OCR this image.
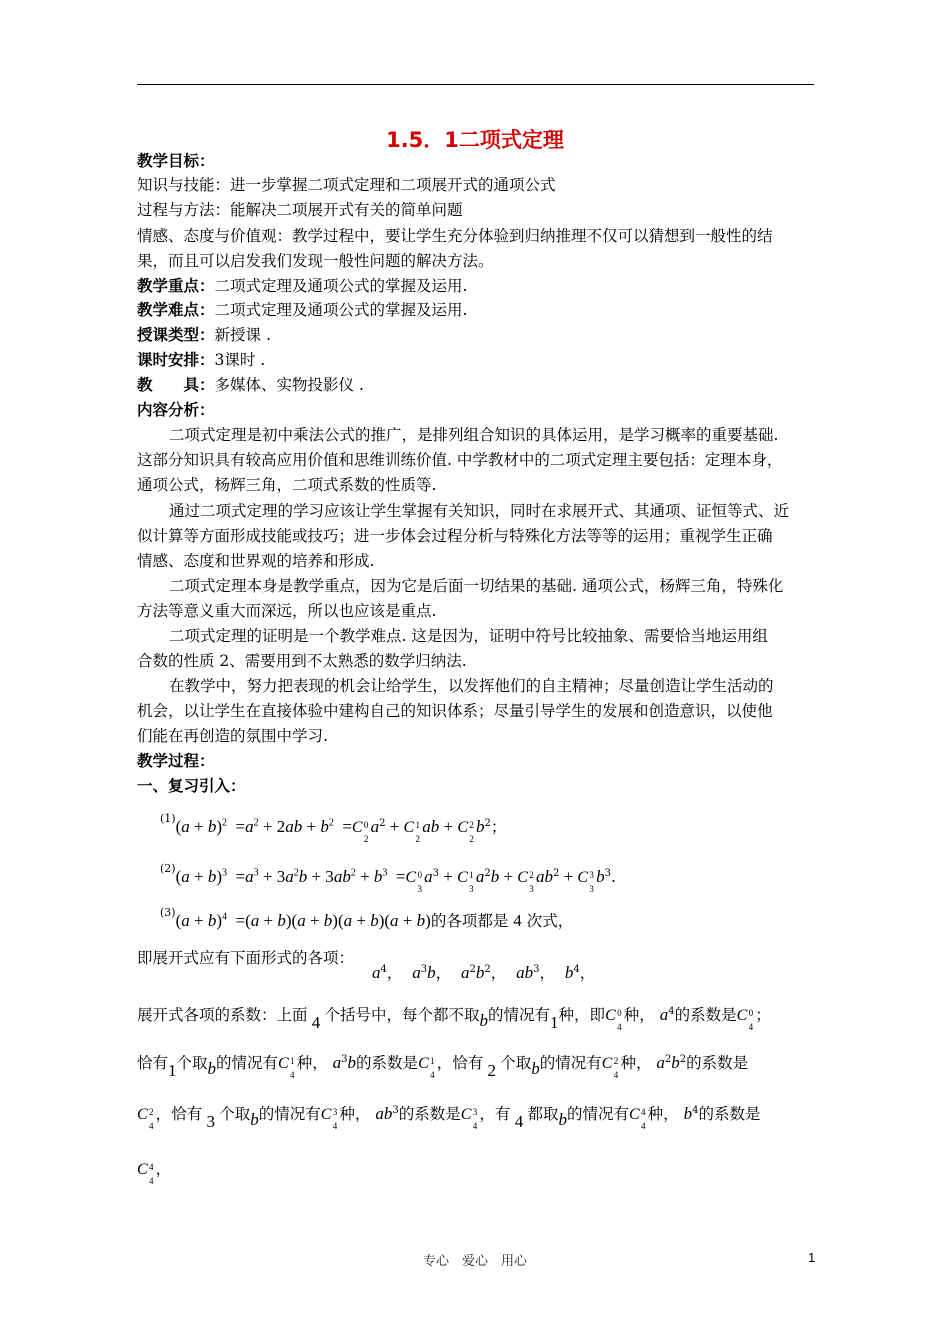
1.5．1二项式定理
教学目标：
知识与技能：进一步掌握二项式定理和二项展开式的通项公式
过程与方法：能解决二项展开式有关的简单问题
情感、态度与价值观：教学过程中，要让学生充分体验到归纳推理不仅可以猜想到一般性的结
果，而且可以启发我们发现一般性问题的解决方法。
教学重点：二项式定理及通项公式的掌握及运用.
教学难点：二项式定理及通项公式的掌握及运用.
授课类型：新授课 .
课时安排：3课时 .
教　　具：多媒体、实物投影仪 .
内容分析：
二项式定理是初中乘法公式的推广，是排列组合知识的具体运用，是学习概率的重要基础.
这部分知识具有较高应用价值和思维训练价值. 中学教材中的二项式定理主要包括：定理本身，
通项公式，杨辉三角，二项式系数的性质等.
通过二项式定理的学习应该让学生掌握有关知识，同时在求展开式、其通项、证恒等式、近
似计算等方面形成技能或技巧；进一步体会过程分析与特殊化方法等等的运用；重视学生正确
情感、态度和世界观的培养和形成.
二项式定理本身是教学重点，因为它是后面一切结果的基础. 通项公式，杨辉三角，特殊化
方法等意义重大而深远，所以也应该是重点.
二项式定理的证明是一个教学难点. 这是因为，证明中符号比较抽象、需要恰当地运用组
合数的性质 2、需要用到不太熟悉的数学归纳法.
在教学中，努力把表现的机会让给学生，以发挥他们的自主精神；尽量创造让学生活动的
机会，以让学生在直接体验中建构自己的知识体系；尽量引导学生的发展和创造意识，以使他
们能在再创造的氛围中学习.
教学过程：
一、复习引入：
$^{(1)}(a + b)^2 =a^2 + 2ab + b^2 =C$ 0
2
$a^2 + C$ 1
2
ab + C 2
2
$b^2$；
$^{(2)}(a + b)^3 =a^3 + 3a^2b + 3ab^2 + b^3 =C$ 0
3
$a^3 + C$ 1
3
$a^2b + C$ 2
3
$ab^2 + C$ 3
3
$b^3$.
$^{(3)}(a + b)^4 =(a + b)(a + b)(a + b)(a + b)$的各项都是 4 次式，
即展开式应有下面形式的各项：
$a^4$， $a^3b$， $a^2b^2$， $ab^3$， $b^4$，
展开式各项的系数：上面 4 个括号中，每个都不取b的情况有1种，即C 0
4
种， $a^4$的系数是C 0
4
；
恰有1个取b的情况有C 1
4
种， $a^3b$的系数是C 1
4
，恰有 2 个取b的情况有C 2
4
种， $a^2b^2$的系数是
C 2
4
，恰有 3 个取b的情况有C 3
4
种， $ab^3$的系数是C 3
4
，有 4 都取b的情况有C 4
4
种， $b^4$的系数是
C 4
4
，
专心　爱心　用心	1
